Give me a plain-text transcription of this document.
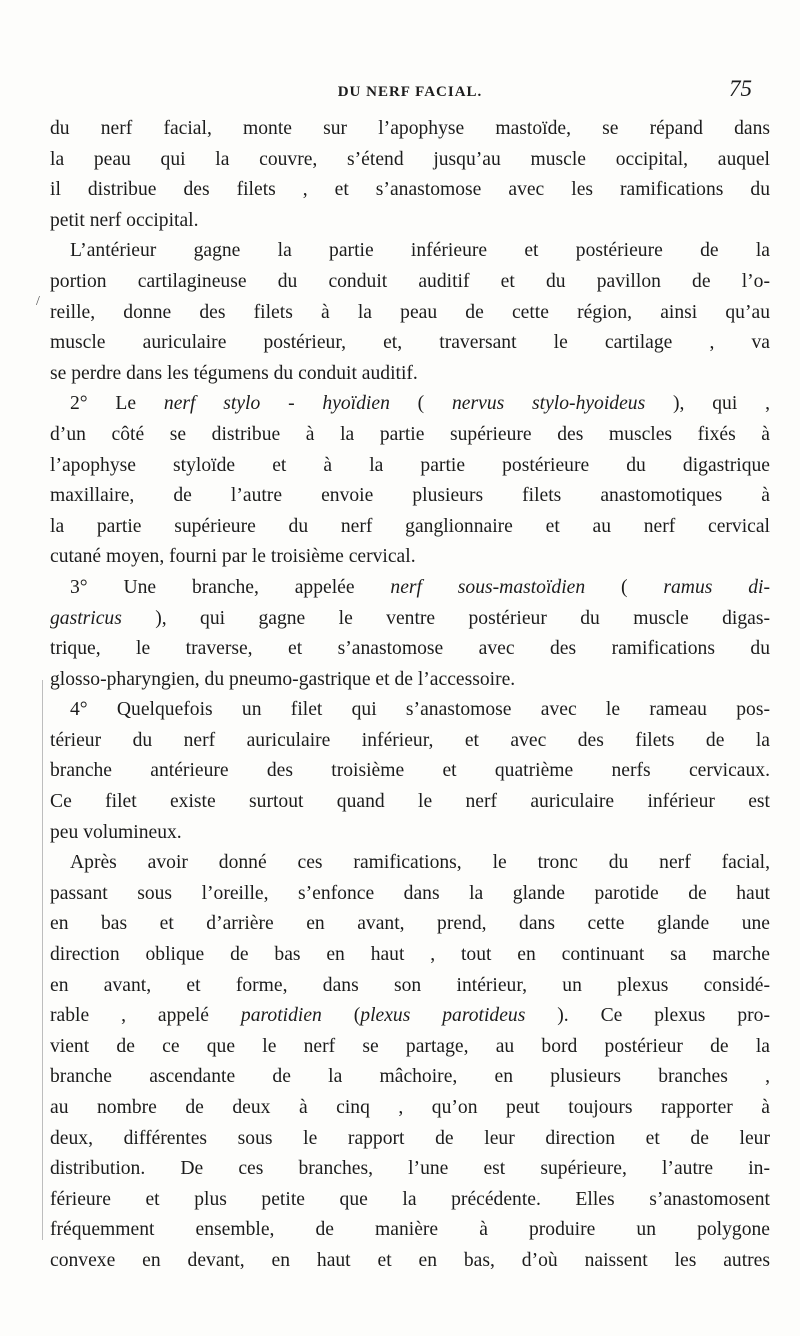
DU NERF FACIAL.	75
/
du nerf facial, monte sur l’apophyse mastoïde, se répand dans
la peau qui la couvre, s’étend jusqu’au muscle occipital, auquel
il distribue des filets , et s’anastomose avec les ramifications du
petit nerf occipital.
L’antérieur gagne la partie inférieure et postérieure de la
portion cartilagineuse du conduit auditif et du pavillon de l’o-
reille, donne des filets à la peau de cette région, ainsi qu’au
muscle auriculaire postérieur, et, traversant le cartilage , va
se perdre dans les tégumens du conduit auditif.
2° Le nerf stylo - hyoïdien ( nervus stylo-hyoideus ), qui ,
d’un côté se distribue à la partie supérieure des muscles fixés à
l’apophyse styloïde et à la partie postérieure du digastrique
maxillaire, de l’autre envoie plusieurs filets anastomotiques à
la partie supérieure du nerf ganglionnaire et au nerf cervical
cutané moyen, fourni par le troisième cervical.
3° Une branche, appelée nerf sous-mastoïdien ( ramus di-
gastricus ), qui gagne le ventre postérieur du muscle digas-
trique, le traverse, et s’anastomose avec des ramifications du
glosso-pharyngien, du pneumo-gastrique et de l’accessoire.
4° Quelquefois un filet qui s’anastomose avec le rameau pos-
térieur du nerf auriculaire inférieur, et avec des filets de la
branche antérieure des troisième et quatrième nerfs cervicaux.
Ce filet existe surtout quand le nerf auriculaire inférieur est
peu volumineux.
Après avoir donné ces ramifications, le tronc du nerf facial,
passant sous l’oreille, s’enfonce dans la glande parotide de haut
en bas et d’arrière en avant, prend, dans cette glande une
direction oblique de bas en haut , tout en continuant sa marche
en avant, et forme, dans son intérieur, un plexus considé-
rable , appelé parotidien (plexus parotideus ). Ce plexus pro-
vient de ce que le nerf se partage, au bord postérieur de la
branche ascendante de la mâchoire, en plusieurs branches ,
au nombre de deux à cinq , qu’on peut toujours rapporter à
deux, différentes sous le rapport de leur direction et de leur
distribution. De ces branches, l’une est supérieure, l’autre in-
férieure et plus petite que la précédente. Elles s’anastomosent
fréquemment ensemble, de manière à produire un polygone
convexe en devant, en haut et en bas, d’où naissent les autres
